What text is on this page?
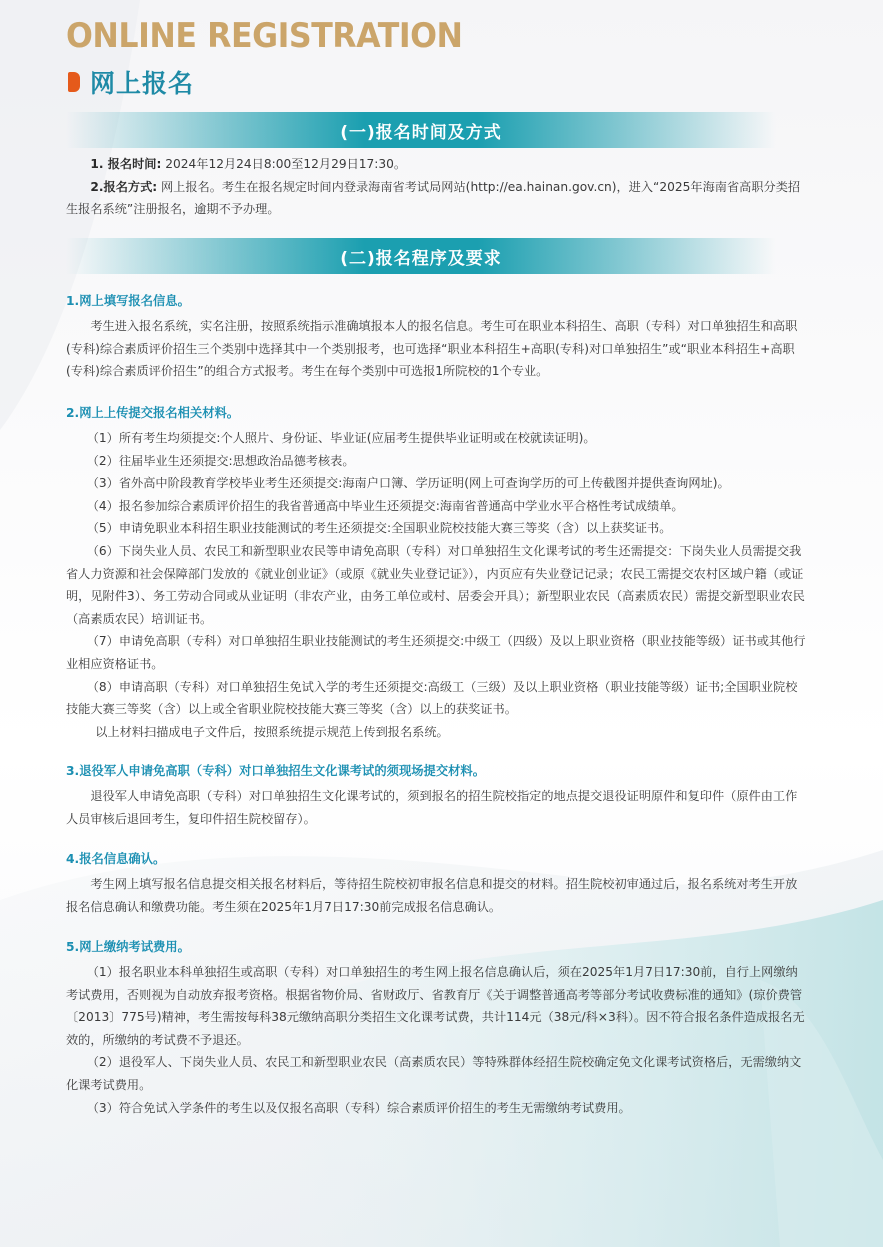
ONLINE REGISTRATION
网上报名
(一)报名时间及方式

1. 报名时间: 2024年12月24日8:00至12月29日17:30。

2.报名方式: 网上报名。考生在报名规定时间内登录海南省考试局网站(http://ea.hainan.gov.cn)，进入“2025年海南省高职分类招生报名系统”注册报名，逾期不予办理。

(二)报名程序及要求

1.网上填写报名信息。

考生进入报名系统，实名注册，按照系统指示准确填报本人的报名信息。考生可在职业本科招生、高职（专科）对口单独招生和高职(专科)综合素质评价招生三个类别中选择其中一个类别报考，也可选择“职业本科招生+高职(专科)对口单独招生”或“职业本科招生+高职(专科)综合素质评价招生”的组合方式报考。考生在每个类别中可选报1所院校的1个专业。

2.网上上传提交报名相关材料。

（1）所有考生均须提交:个人照片、身份证、毕业证(应届考生提供毕业证明或在校就读证明)。

（2）往届毕业生还须提交:思想政治品德考核表。

（3）省外高中阶段教育学校毕业考生还须提交:海南户口簿、学历证明(网上可查询学历的可上传截图并提供查询网址)。

（4）报名参加综合素质评价招生的我省普通高中毕业生还须提交:海南省普通高中学业水平合格性考试成绩单。

（5）申请免职业本科招生职业技能测试的考生还须提交:全国职业院校技能大赛三等奖（含）以上获奖证书。

（6）下岗失业人员、农民工和新型职业农民等申请免高职（专科）对口单独招生文化课考试的考生还需提交：下岗失业人员需提交我省人力资源和社会保障部门发放的《就业创业证》（或原《就业失业登记证》），内页应有失业登记记录；农民工需提交农村区域户籍（或证明，见附件3）、务工劳动合同或从业证明（非农产业，由务工单位或村、居委会开具）；新型职业农民（高素质农民）需提交新型职业农民（高素质农民）培训证书。

（7）申请免高职（专科）对口单独招生职业技能测试的考生还须提交:中级工（四级）及以上职业资格（职业技能等级）证书或其他行业相应资格证书。

（8）申请高职（专科）对口单独招生免试入学的考生还须提交:高级工（三级）及以上职业资格（职业技能等级）证书;全国职业院校技能大赛三等奖（含）以上或全省职业院校技能大赛三等奖（含）以上的获奖证书。

以上材料扫描成电子文件后，按照系统提示规范上传到报名系统。

3.退役军人申请免高职（专科）对口单独招生文化课考试的须现场提交材料。

退役军人申请免高职（专科）对口单独招生文化课考试的，须到报名的招生院校指定的地点提交退役证明原件和复印件（原件由工作人员审核后退回考生，复印件招生院校留存）。

4.报名信息确认。

考生网上填写报名信息提交相关报名材料后，等待招生院校初审报名信息和提交的材料。招生院校初审通过后，报名系统对考生开放报名信息确认和缴费功能。考生须在2025年1月7日17:30前完成报名信息确认。

5.网上缴纳考试费用。

（1）报名职业本科单独招生或高职（专科）对口单独招生的考生网上报名信息确认后，须在2025年1月7日17:30前，自行上网缴纳考试费用，否则视为自动放弃报考资格。根据省物价局、省财政厅、省教育厅《关于调整普通高考等部分考试收费标准的通知》(琼价费管〔2013〕775号)精神，考生需按每科38元缴纳高职分类招生文化课考试费，共计114元（38元/科×3科）。因不符合报名条件造成报名无效的，所缴纳的考试费不予退还。

（2）退役军人、下岗失业人员、农民工和新型职业农民（高素质农民）等特殊群体经招生院校确定免文化课考试资格后，无需缴纳文化课考试费用。

（3）符合免试入学条件的考生以及仅报名高职（专科）综合素质评价招生的考生无需缴纳考试费用。
